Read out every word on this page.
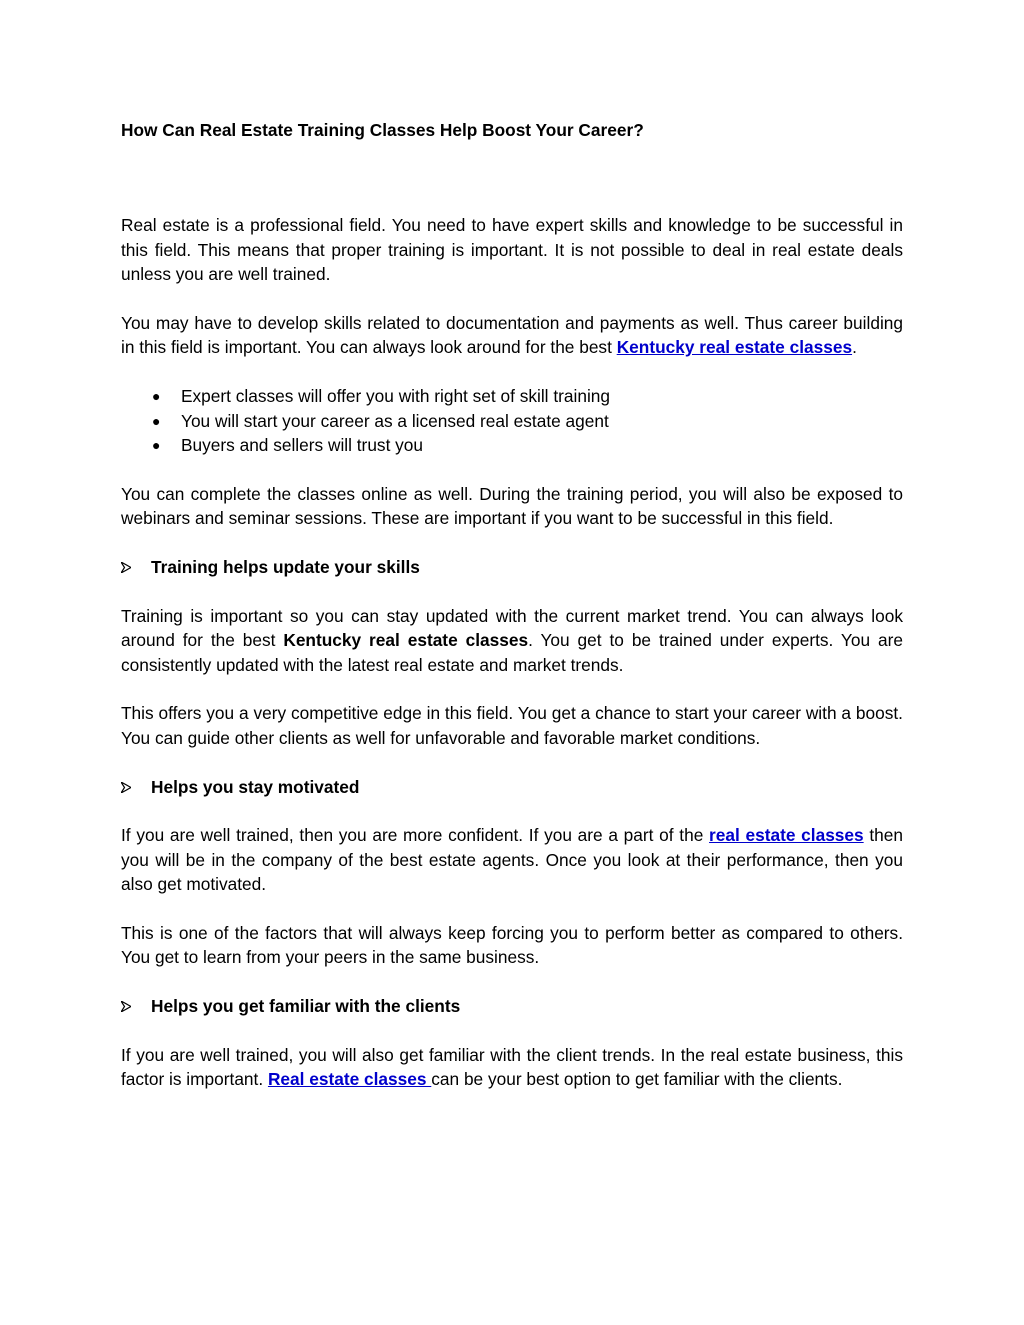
How Can Real Estate Training Classes Help Boost Your Career?

Real estate is a professional field. You need to have expert skills and knowledge to be successful in this field. This means that proper training is important. It is not possible to deal in real estate deals unless you are well trained.

You may have to develop skills related to documentation and payments as well. Thus career building in this field is important. You can always look around for the best Kentucky real estate classes.

● Expert classes will offer you with right set of skill training
● You will start your career as a licensed real estate agent
● Buyers and sellers will trust you

You can complete the classes online as well. During the training period, you will also be exposed to webinars and seminar sessions. These are important if you want to be successful in this field.

Training helps update your skills

Training is important so you can stay updated with the current market trend. You can always look around for the best Kentucky real estate classes. You get to be trained under experts. You are consistently updated with the latest real estate and market trends.

This offers you a very competitive edge in this field. You get a chance to start your career with a boost. You can guide other clients as well for unfavorable and favorable market conditions.

Helps you stay motivated

If you are well trained, then you are more confident. If you are a part of the real estate classes then you will be in the company of the best estate agents. Once you look at their performance, then you also get motivated.

This is one of the factors that will always keep forcing you to perform better as compared to others. You get to learn from your peers in the same business.

Helps you get familiar with the clients

If you are well trained, you will also get familiar with the client trends. In the real estate business, this factor is important. Real estate classes can be your best option to get familiar with the clients.
